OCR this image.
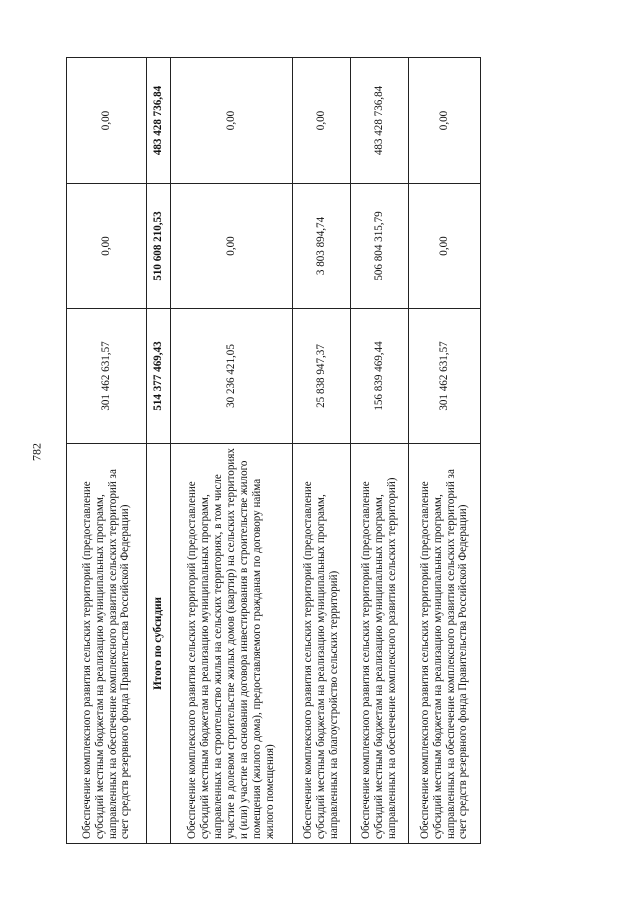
782
Обеспечение комплексного развития сельских территорий (предоставление субсидий местным бюджетам на реализацию муниципальных программ, направленных на обеспечение комплексного развития сельских территорий за счет средств резервного фонда Правительства Российской Федерации)	301 462 631,57	0,00	0,00
Итого по субсидии	514 377 469,43	510 608 210,53	483 428 736,84
Обеспечение комплексного развития сельских территорий (предоставление субсидий местным бюджетам на реализацию муниципальных программ, направленных на строительство жилья на сельских территориях, в том числе участие в долевом строительстве жилых домов (квартир) на сельских территориях и (или) участие на основании договора инвестирования в строительстве жилого помещения (жилого дома), предоставляемого гражданам по договору найма жилого помещения)	30 236 421,05	0,00	0,00
Обеспечение комплексного развития сельских территорий (предоставление субсидий местным бюджетам на реализацию муниципальных программ, направленных на благоустройство сельских территорий)	25 838 947,37	3 803 894,74	0,00
Обеспечение комплексного развития сельских территорий (предоставление субсидий местным бюджетам на реализацию муниципальных программ, направленных на обеспечение комплексного развития сельских территорий)	156 839 469,44	506 804 315,79	483 428 736,84
Обеспечение комплексного развития сельских территорий (предоставление субсидий местным бюджетам на реализацию муниципальных программ, направленных на обеспечение комплексного развития сельских территорий за счет средств резервного фонда Правительства Российской Федерации)	301 462 631,57	0,00	0,00
